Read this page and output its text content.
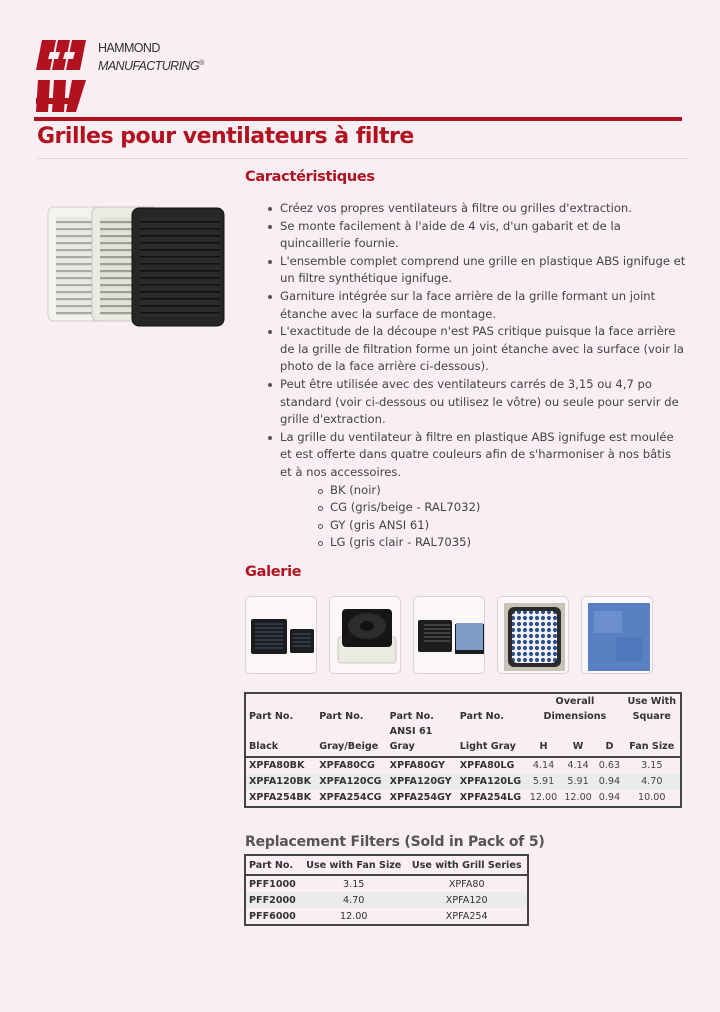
HAMMOND
MANUFACTURING®
Grilles pour ventilateurs à filtre
Caractéristiques
Créez vos propres ventilateurs à filtre ou grilles d'extraction.
Se monte facilement à l'aide de 4 vis, d'un gabarit et de la quincaillerie fournie.
L'ensemble complet comprend une grille en plastique ABS ignifuge et un filtre synthétique ignifuge.
Garniture intégrée sur la face arrière de la grille formant un joint étanche avec la surface de montage.
L'exactitude de la découpe n'est PAS critique puisque la face arrière de la grille de filtration forme un joint étanche avec la surface (voir la photo de la face arrière ci-dessous).
Peut être utilisée avec des ventilateurs carrés de 3,15 ou 4,7 po standard (voir ci-dessous ou utilisez le vôtre) ou seule pour servir de grille d'extraction.
La grille du ventilateur à filtre en plastique ABS ignifuge est moulée et est offerte dans quatre couleurs afin de s'harmoniser à nos bâtis et à nos accessoires.
BK (noir)
CG (gris/beige - RAL7032)
GY (gris ANSI 61)
LG (gris clair - RAL7035)
Galerie
				Overall			Use With
Part No.	Part No.	Part No.	Part No.	Dimensions			Square
		ANSI 61					
Black	Gray/Beige	Gray	Light Gray	H	W	D	Fan Size
XPFA80BK	XPFA80CG	XPFA80GY	XPFA80LG	4.14	4.14	0.63	3.15
XPFA120BK	XPFA120CG	XPFA120GY	XPFA120LG	5.91	5.91	0.94	4.70
XPFA254BK	XPFA254CG	XPFA254GY	XPFA254LG	12.00	12.00	0.94	10.00
Replacement Filters (Sold in Pack of 5)
Part No.	Use with Fan Size	Use with Grill Series
PFF1000	3.15	XPFA80
PFF2000	4.70	XPFA120
PFF6000	12.00	XPFA254
